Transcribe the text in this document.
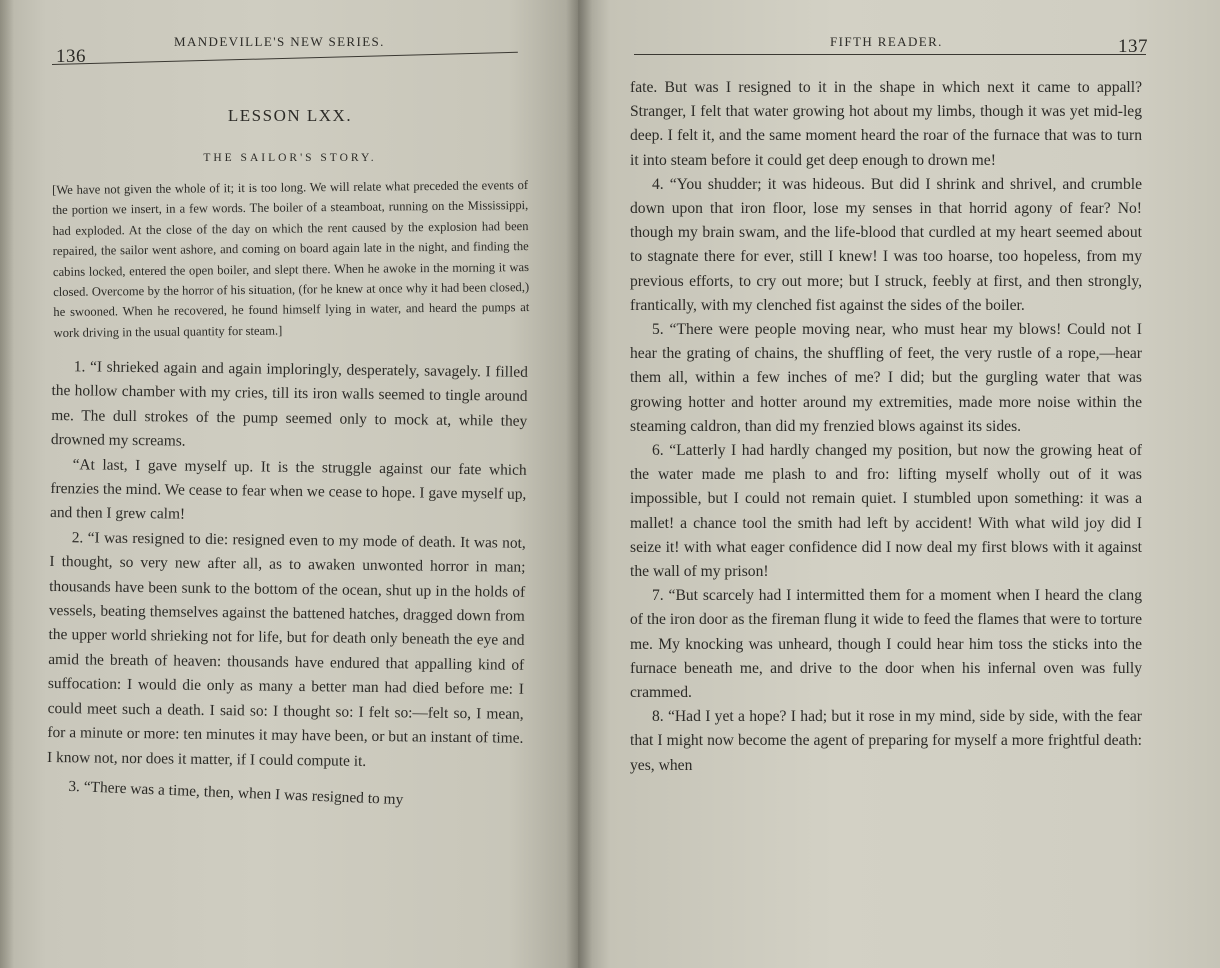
136
MANDEVILLE'S NEW SERIES.
LESSON LXX.
THE SAILOR'S STORY.
[We have not given the whole of it; it is too long. We will relate what preceded the events of the portion we insert, in a few words. The boiler of a steamboat, running on the Mississippi, had exploded. At the close of the day on which the rent caused by the explosion had been repaired, the sailor went ashore, and coming on board again late in the night, and finding the cabins locked, entered the open boiler, and slept there. When he awoke in the morning it was closed. Overcome by the horror of his situation, (for he knew at once why it had been closed,) he swooned. When he recovered, he found himself lying in water, and heard the pumps at work driving in the usual quantity for steam.]

1. “I shrieked again and again imploringly, desperately, savagely. I filled the hollow chamber with my cries, till its iron walls seemed to tingle around me. The dull strokes of the pump seemed only to mock at, while they drowned my screams.

“At last, I gave myself up. It is the struggle against our fate which frenzies the mind. We cease to fear when we cease to hope. I gave myself up, and then I grew calm!

2. “I was resigned to die: resigned even to my mode of death. It was not, I thought, so very new after all, as to awaken unwonted horror in man; thousands have been sunk to the bottom of the ocean, shut up in the holds of vessels, beating themselves against the battened hatches, dragged down from the upper world shrieking not for life, but for death only beneath the eye and amid the breath of heaven: thousands have endured that appalling kind of suffocation: I would die only as many a better man had died before me: I could meet such a death. I said so: I thought so: I felt so:—felt so, I mean, for a minute or more: ten minutes it may have been, or but an instant of time. I know not, nor does it matter, if I could compute it.

3. “There was a time, then, when I was resigned to my

FIFTH READER.	137

fate. But was I resigned to it in the shape in which next it came to appall? Stranger, I felt that water growing hot about my limbs, though it was yet mid-leg deep. I felt it, and the same moment heard the roar of the furnace that was to turn it into steam before it could get deep enough to drown me!

4. “You shudder; it was hideous. But did I shrink and shrivel, and crumble down upon that iron floor, lose my senses in that horrid agony of fear? No! though my brain swam, and the life-blood that curdled at my heart seemed about to stagnate there for ever, still I knew! I was too hoarse, too hopeless, from my previous efforts, to cry out more; but I struck, feebly at first, and then strongly, frantically, with my clenched fist against the sides of the boiler.

5. “There were people moving near, who must hear my blows! Could not I hear the grating of chains, the shuffling of feet, the very rustle of a rope,—hear them all, within a few inches of me? I did; but the gurgling water that was growing hotter and hotter around my extremities, made more noise within the steaming caldron, than did my frenzied blows against its sides.

6. “Latterly I had hardly changed my position, but now the growing heat of the water made me plash to and fro: lifting myself wholly out of it was impossible, but I could not remain quiet. I stumbled upon something: it was a mallet! a chance tool the smith had left by accident! With what wild joy did I seize it! with what eager confidence did I now deal my first blows with it against the wall of my prison!

7. “But scarcely had I intermitted them for a moment when I heard the clang of the iron door as the fireman flung it wide to feed the flames that were to torture me. My knocking was unheard, though I could hear him toss the sticks into the furnace beneath me, and drive to the door when his infernal oven was fully crammed.

8. “Had I yet a hope? I had; but it rose in my mind, side by side, with the fear that I might now become the agent of preparing for myself a more frightful death: yes, when
